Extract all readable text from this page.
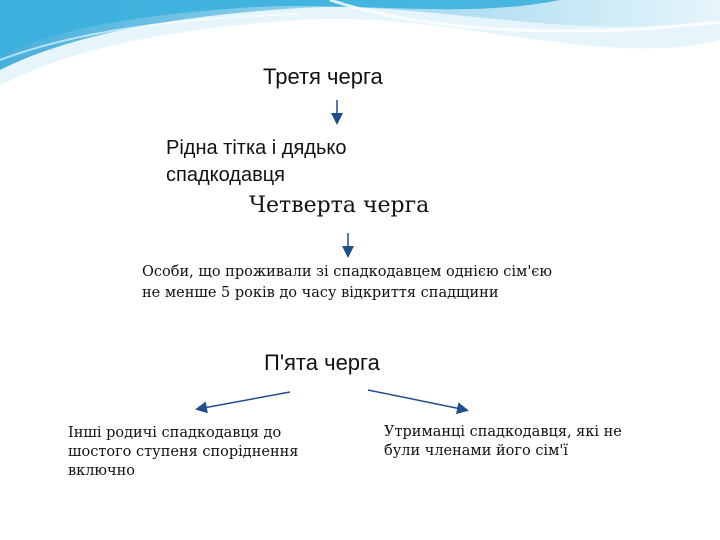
Третя черга
Рідна тітка і дядько
спадкодавця
Четверта черга
Особи, що проживали зі спадкодавцем однією сім'єю
не менше 5 років до часу відкриття спадщини
П'ята черга
Інші родичі спадкодавця до
шостого ступеня споріднення
включно
Утриманці спадкодавця, які не
були членами його сім'ї
